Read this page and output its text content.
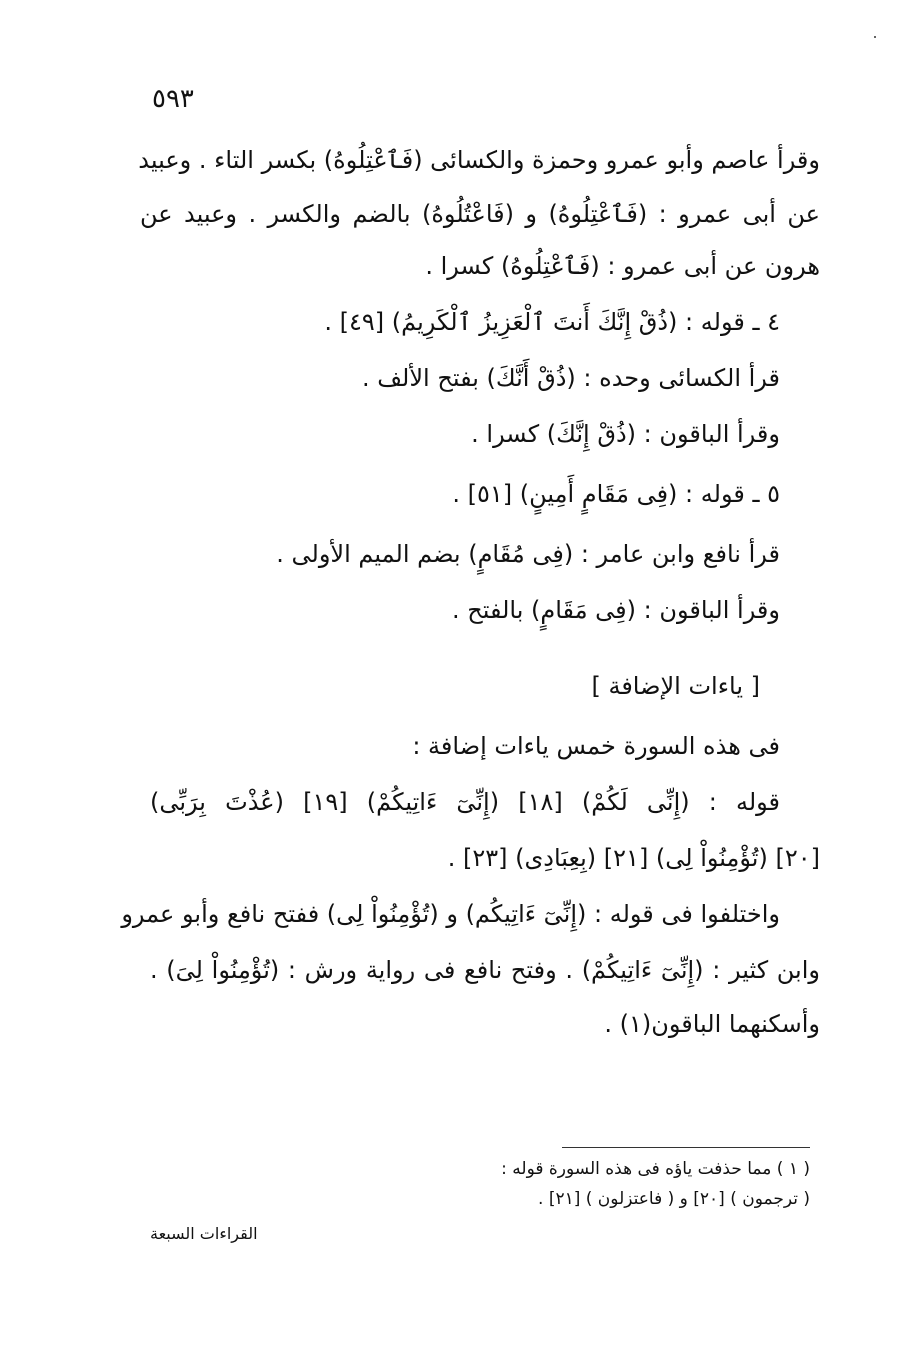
٥٩٣
وقرأ عاصم وأبو عمرو وحمزة والكسائى (فَٱعْتِلُوهُ) بكسر التاء . وعبيد
عن أبى عمرو : (فَٱعْتِلُوهُ) و (فَاعْتُلُوهُ) بالضم والكسر . وعبيد عن
هرون عن أبى عمرو : (فَٱعْتِلُوهُ) كسرا .
٤ ـ قوله : (ذُقْ إِنَّكَ أَنتَ ٱلْعَزِيزُ ٱلْكَرِيمُ) [٤٩] .
قرأ الكسائى وحده : (ذُقْ أَنَّكَ) بفتح الألف .
وقرأ الباقون : (ذُقْ إِنَّكَ) كسرا .
٥ ـ قوله : (فِى مَقَامٍ أَمِينٍ) [٥١] .
قرأ نافع وابن عامر : (فِى مُقَامٍ) بضم الميم الأولى .
وقرأ الباقون : (فِى مَقَامٍ) بالفتح .
[ ياءات الإضافة ]
فى هذه السورة خمس ياءات إضافة :
قوله : (إِنِّى لَكُمْ) [١٨] (إِنِّىٓ ءَاتِيكُمْ) [١٩] (عُذْتَ بِرَبِّى)
[٢٠] (تُؤْمِنُواْ لِى) [٢١] (بِعِبَادِى) [٢٣] .
واختلفوا فى قوله : (إِنِّىٓ ءَاتِيكُم) و (تُؤْمِنُواْ لِى) ففتح نافع وأبو عمرو
وابن كثير : (إِنِّىٓ ءَاتِيكُمْ) . وفتح نافع فى رواية ورش : (تُؤْمِنُواْ لِىَ) .
وأسكنهما الباقون(١) .
( ١ ) مما حذفت ياؤه فى هذه السورة قوله :
( ترجمون ) [٢٠] و ( فاعتزلون ) [٢١] .
القراءات السبعة
